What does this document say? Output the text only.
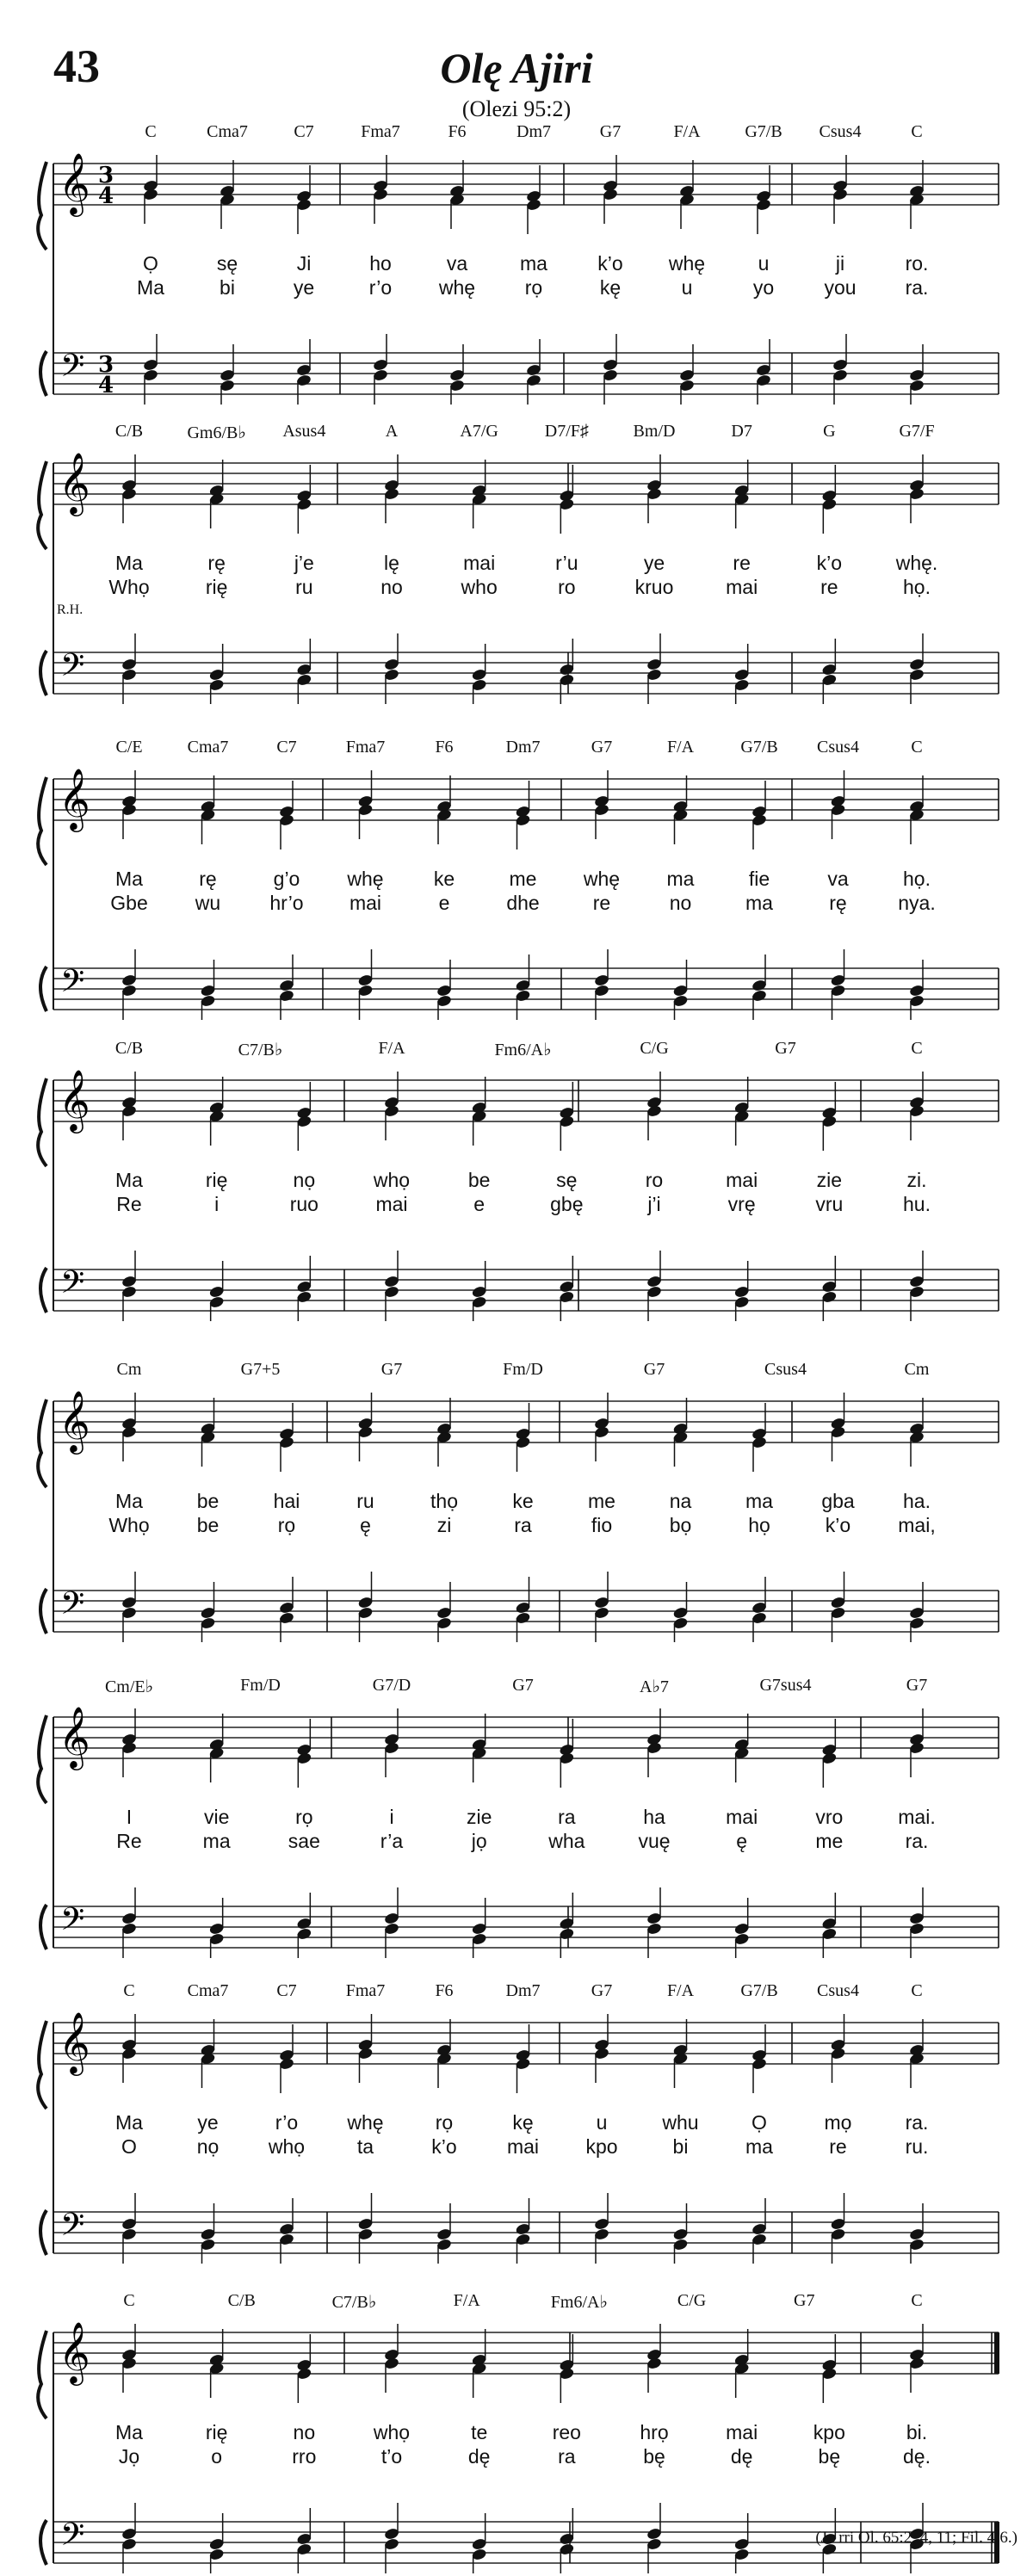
43	Olę Ajiri
(Olezi 95:2)
𝄞
𝄢
3
4
3
4
C	Cma7	C7	Fma7	F6	Dm7	G7	F/A	G7/B Csus4	C
Ọ	sę	Ji	ho	va	ma	k’o whę	u	ji	ro.
Ma	bi	ye	r’o whę	rọ	kę	u	yo	you ra.
𝄞
𝄢
C/B	Gm6/B♭ Asus4	A	A7/G	D7/F♯	Bm/D	D7	G	G7/F
Ma	rę	j’e	lę	mai	r’u	ye	re	k’o	whę.
Whọ	rię	ru	no	who	ro	kruo	mai	re	họ.
R.H.
𝄞
𝄢
C/E	Cma7	C7	Fma7	F6	Dm7	G7	F/A	G7/B Csus4	C
Ma	rę	g’o whę	ke	me whę ma	fie	va	họ.
Gbe wu hr’o mai	e	dhe	re	no	ma	rę	nya.
𝄞
𝄢
C/B	C7/B♭	F/A	Fm6/A♭	C/G	G7	C
Ma	rię	nọ	whọ	be	sę	ro	mai	zie	zi.
Re	i	ruo	mai	e	gbę	j’i	vrę	vru	hu.
𝄞
𝄢
Cm	G7+5	G7	Fm/D	G7	Csus4	Cm
Ma	be	hai	ru	thọ	ke	me	na	ma gba ha.
Whọ be	rọ	ę	zi	ra	fio	bọ	họ	k’o mai,
𝄞
𝄢
Cm/E♭	Fm/D	G7/D	G7	A♭7	G7sus4	G7
I	vie	rọ	i	zie	ra	ha	mai	vro	mai.
Re	ma	sae	r’a	jọ	wha	vuę	ę	me	ra.
𝄞
𝄢
C	Cma7	C7	Fma7	F6	Dm7	G7	F/A	G7/B Csus4	C
Ma	ye	r’o whę	rọ	kę	u	whu	Ọ	mọ	ra.
O	nọ	whọ	ta	k’o	mai kpo	bi	ma	re	ru.
𝄞
𝄢
C	C/B	C7/B♭	F/A	Fm6/A♭	C/G	G7	C
Ma	rię	no	whọ	te	reo	hrọ	mai	kpo	bi.
Jọ	o	rro	t’o	dę	ra	bę	dę	bę	dę.
(Je rri Ol. 65:2, 4, 11; Fil. 4:6.)
